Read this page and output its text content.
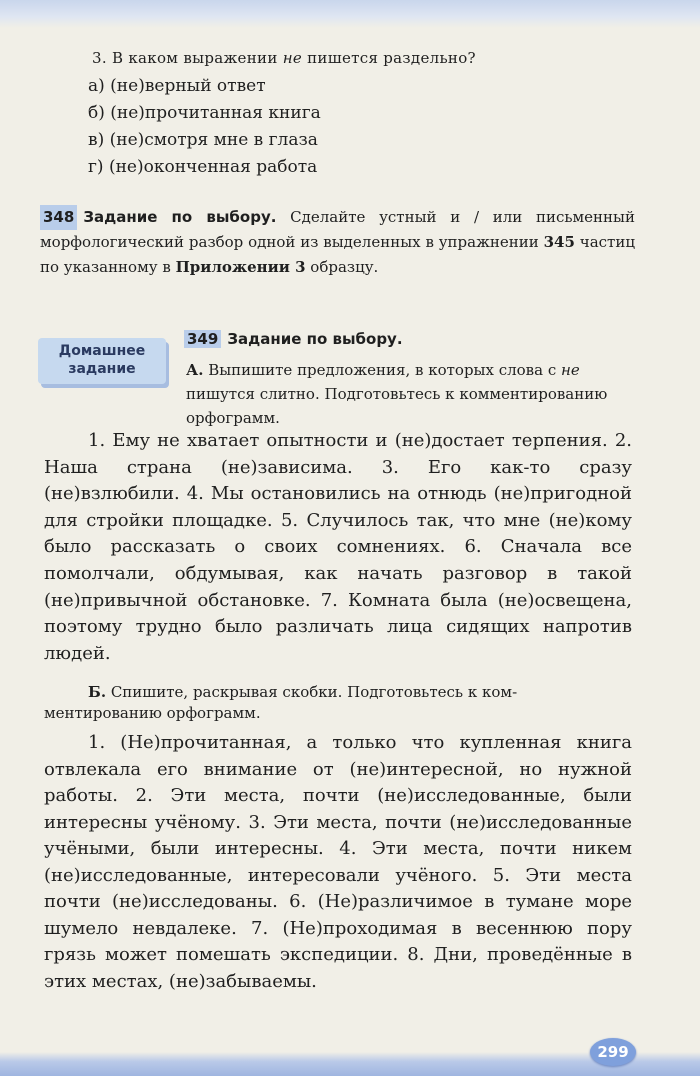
3. В каком выражении не пишется раздельно?
а) (не)верный ответ
б) (не)прочитанная книга
в) (не)смотря мне в глаза
г) (не)оконченная работа
348 Задание по выбору. Сделайте устный и / или письменный морфологический разбор одной из выделенных в упражнении 345 частиц по указанному в Приложении 3 образцу.
Домашнее
задание
349 Задание по выбору.
А. Выпишите предложения, в которых слова с не пишутся слитно. Подготовьтесь к комментированию орфограмм.
1. Ему не хватает опытности и (не)достает терпения. 2. Наша страна (не)зависима. 3. Его как-то сразу (не)взлюбили. 4. Мы остановились на отнюдь (не)пригодной для стройки площадке. 5. Случилось так, что мне (не)кому было рассказать о своих сомнениях. 6. Сначала все помолчали, обдумывая, как начать разговор в такой (не)привычной обстановке. 7. Комната была (не)освещена, поэтому трудно было различать лица сидящих напротив людей.
Б. Спишите, раскрывая скобки. Подготовьтесь к ком-
ментированию орфограмм.
1. (Не)прочитанная, а только что купленная книга отвлекала его внимание от (не)интересной, но нужной работы. 2. Эти места, почти (не)исследованные, были интересны учёному. 3. Эти места, почти (не)исследованные учёными, были интересны. 4. Эти места, почти никем (не)исследованные, интересовали учёного. 5. Эти места почти (не)исследованы. 6. (Не)различимое в тумане море шумело невдалеке. 7. (Не)проходимая в весеннюю пору грязь может помешать экспедиции. 8. Дни, проведённые в этих местах, (не)забываемы.
299
